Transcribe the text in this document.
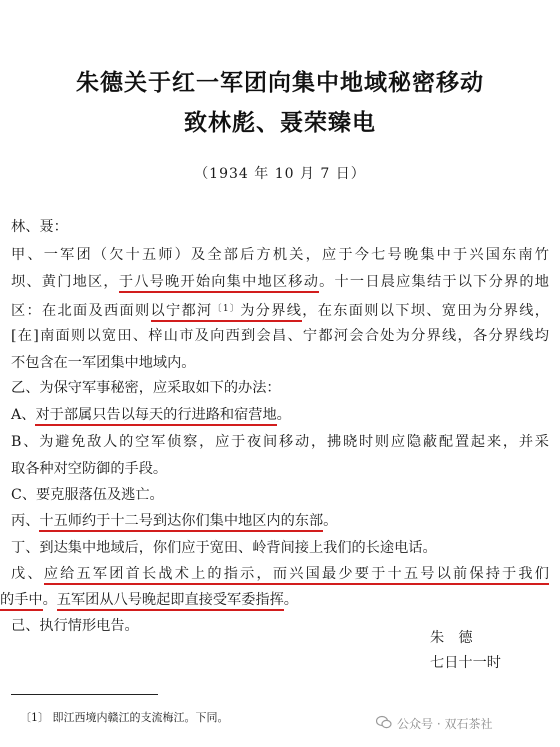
朱德关于红一军团向集中地域秘密移动
致林彪、聂荣臻电
（1934 年 10 月 7 日）
林、聂：
甲、一军团（欠十五师）及全部后方机关，应于今七号晚集中于兴国东南竹
坝、黄门地区，于八号晚开始向集中地区移动。十一日晨应集结于以下分界的地
区：在北面及西面则以宁都河$^{〔1〕}$为分界线，在东面则以下坝、宽田为分界线，
[在]南面则以宽田、梓山市及向西到会昌、宁都河会合处为分界线，各分界线均
不包含在一军团集中地域内。
乙、为保守军事秘密，应采取如下的办法：
A、对于部属只告以每天的行进路和宿营地。
B、为避免敌人的空军侦察，应于夜间移动，拂晓时则应隐蔽配置起来，并采
取各种对空防御的手段。
C、要克服落伍及逃亡。
丙、十五师约于十二号到达你们集中地区内的东部。
丁、到达集中地域后，你们应于宽田、岭背间接上我们的长途电话。
戊、应给五军团首长战术上的指示，而兴国最少要于十五号以前保持于我们
的手中。五军团从八号晚起即直接受军委指挥。
己、执行情形电告。
朱　德
七日十一时
〔1〕 即江西境内赣江的支流梅江。下同。	公众号 · 双石茶社
